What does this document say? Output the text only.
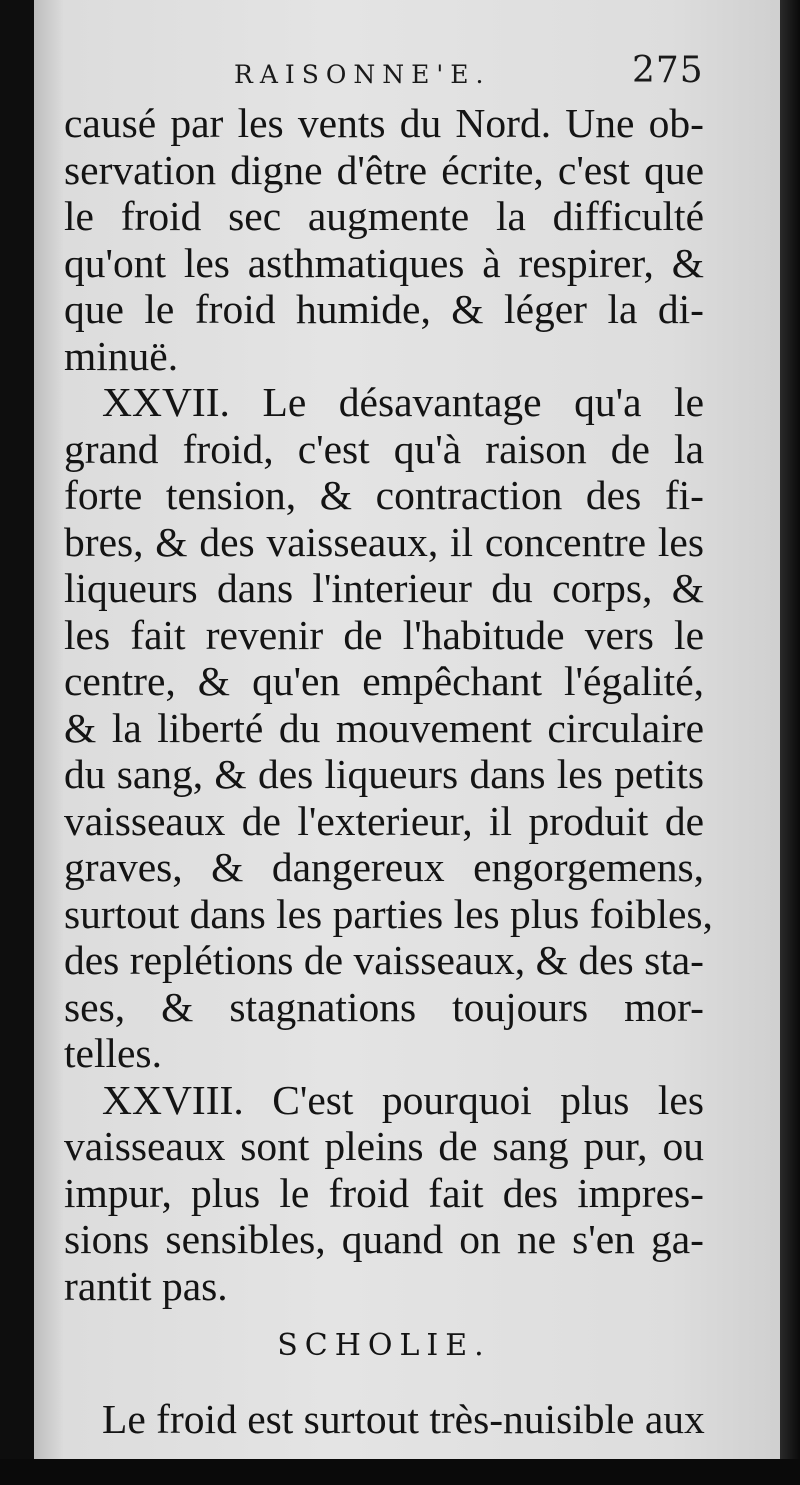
RAISONNE'E.	275
causé par les vents du Nord. Une ob-
servation digne d'être écrite, c'est que
le froid sec augmente la difficulté
qu'ont les asthmatiques à respirer, &
que le froid humide, & léger la di-
minuë.
XXVII. Le désavantage qu'a le
grand froid, c'est qu'à raison de la
forte tension, & contraction des fi-
bres, & des vaisseaux, il concentre les
liqueurs dans l'interieur du corps, &
les fait revenir de l'habitude vers le
centre, & qu'en empêchant l'égalité,
& la liberté du mouvement circulaire
du sang, & des liqueurs dans les petits
vaisseaux de l'exterieur, il produit de
graves, & dangereux engorgemens,
surtout dans les parties les plus foibles,
des replétions de vaisseaux, & des sta-
ses, & stagnations toujours mor-
telles.
XXVIII. C'est pourquoi plus les
vaisseaux sont pleins de sang pur, ou
impur, plus le froid fait des impres-
sions sensibles, quand on ne s'en ga-
rantit pas.
SCHOLIE.
Le froid est surtout très-nuisible aux
